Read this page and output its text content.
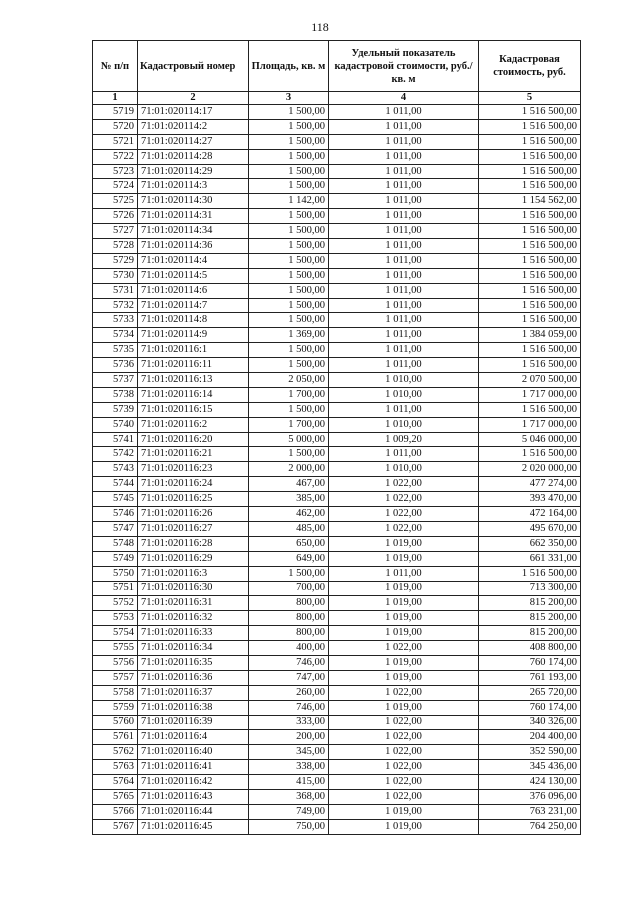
118
№ п/п	Кадастровый номер	Площадь, кв. м	Удельный показатель кадастровой стоимости, руб./кв. м	Кадастровая стоимость, руб.
1	2	3	4	5
5719	71:01:020114:17	1 500,00	1 011,00	1 516 500,00
5720	71:01:020114:2	1 500,00	1 011,00	1 516 500,00
5721	71:01:020114:27	1 500,00	1 011,00	1 516 500,00
5722	71:01:020114:28	1 500,00	1 011,00	1 516 500,00
5723	71:01:020114:29	1 500,00	1 011,00	1 516 500,00
5724	71:01:020114:3	1 500,00	1 011,00	1 516 500,00
5725	71:01:020114:30	1 142,00	1 011,00	1 154 562,00
5726	71:01:020114:31	1 500,00	1 011,00	1 516 500,00
5727	71:01:020114:34	1 500,00	1 011,00	1 516 500,00
5728	71:01:020114:36	1 500,00	1 011,00	1 516 500,00
5729	71:01:020114:4	1 500,00	1 011,00	1 516 500,00
5730	71:01:020114:5	1 500,00	1 011,00	1 516 500,00
5731	71:01:020114:6	1 500,00	1 011,00	1 516 500,00
5732	71:01:020114:7	1 500,00	1 011,00	1 516 500,00
5733	71:01:020114:8	1 500,00	1 011,00	1 516 500,00
5734	71:01:020114:9	1 369,00	1 011,00	1 384 059,00
5735	71:01:020116:1	1 500,00	1 011,00	1 516 500,00
5736	71:01:020116:11	1 500,00	1 011,00	1 516 500,00
5737	71:01:020116:13	2 050,00	1 010,00	2 070 500,00
5738	71:01:020116:14	1 700,00	1 010,00	1 717 000,00
5739	71:01:020116:15	1 500,00	1 011,00	1 516 500,00
5740	71:01:020116:2	1 700,00	1 010,00	1 717 000,00
5741	71:01:020116:20	5 000,00	1 009,20	5 046 000,00
5742	71:01:020116:21	1 500,00	1 011,00	1 516 500,00
5743	71:01:020116:23	2 000,00	1 010,00	2 020 000,00
5744	71:01:020116:24	467,00	1 022,00	477 274,00
5745	71:01:020116:25	385,00	1 022,00	393 470,00
5746	71:01:020116:26	462,00	1 022,00	472 164,00
5747	71:01:020116:27	485,00	1 022,00	495 670,00
5748	71:01:020116:28	650,00	1 019,00	662 350,00
5749	71:01:020116:29	649,00	1 019,00	661 331,00
5750	71:01:020116:3	1 500,00	1 011,00	1 516 500,00
5751	71:01:020116:30	700,00	1 019,00	713 300,00
5752	71:01:020116:31	800,00	1 019,00	815 200,00
5753	71:01:020116:32	800,00	1 019,00	815 200,00
5754	71:01:020116:33	800,00	1 019,00	815 200,00
5755	71:01:020116:34	400,00	1 022,00	408 800,00
5756	71:01:020116:35	746,00	1 019,00	760 174,00
5757	71:01:020116:36	747,00	1 019,00	761 193,00
5758	71:01:020116:37	260,00	1 022,00	265 720,00
5759	71:01:020116:38	746,00	1 019,00	760 174,00
5760	71:01:020116:39	333,00	1 022,00	340 326,00
5761	71:01:020116:4	200,00	1 022,00	204 400,00
5762	71:01:020116:40	345,00	1 022,00	352 590,00
5763	71:01:020116:41	338,00	1 022,00	345 436,00
5764	71:01:020116:42	415,00	1 022,00	424 130,00
5765	71:01:020116:43	368,00	1 022,00	376 096,00
5766	71:01:020116:44	749,00	1 019,00	763 231,00
5767	71:01:020116:45	750,00	1 019,00	764 250,00
